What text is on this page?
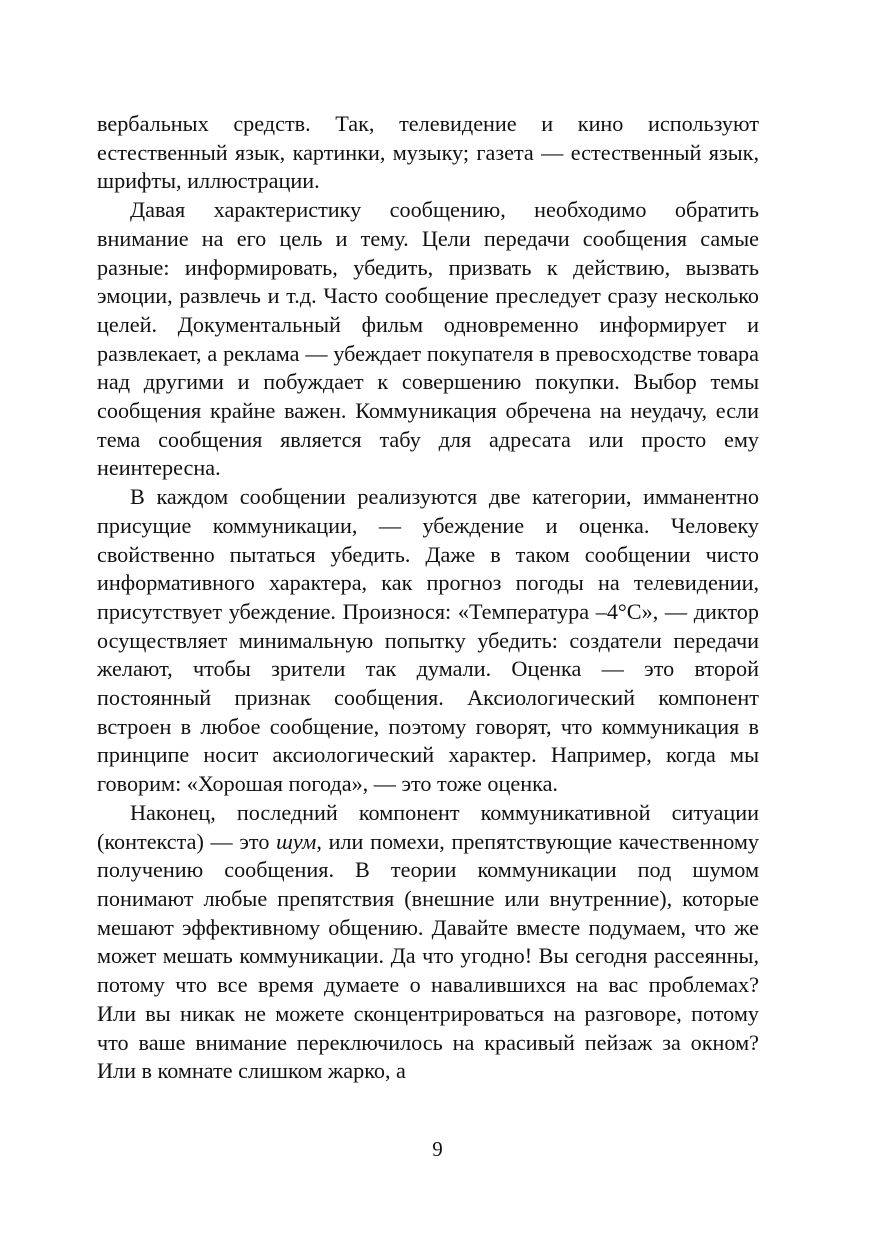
вербальных средств. Так, телевидение и кино используют естественный язык, картинки, музыку; газета — естественный язык, шрифты, иллюстрации.

Давая характеристику сообщению, необходимо обратить внимание на его цель и тему. Цели передачи сообщения самые разные: информировать, убедить, призвать к действию, вызвать эмоции, развлечь и т.д. Часто сообщение преследует сразу несколько целей. Документальный фильм одновременно информирует и развлекает, а реклама — убеждает покупателя в превосходстве товара над другими и побуждает к совершению покупки. Выбор темы сообщения крайне важен. Коммуникация обречена на неудачу, если тема сообщения является табу для адресата или просто ему неинтересна.

В каждом сообщении реализуются две категории, имманентно присущие коммуникации, — убеждение и оценка. Человеку свойственно пытаться убедить. Даже в таком сообщении чисто информативного характера, как прогноз погоды на телевидении, присутствует убеждение. Произнося: «Температура –4°С», — диктор осуществляет минимальную попытку убедить: создатели передачи желают, чтобы зрители так думали. Оценка — это второй постоянный признак сообщения. Аксиологический компонент встроен в любое сообщение, поэтому говорят, что коммуникация в принципе носит аксиологический характер. Например, когда мы говорим: «Хорошая погода», — это тоже оценка.

Наконец, последний компонент коммуникативной ситуации (контекста) — это шум, или помехи, препятствующие качественному получению сообщения. В теории коммуникации под шумом понимают любые препятствия (внешние или внутренние), которые мешают эффективному общению. Давайте вместе подумаем, что же может мешать коммуникации. Да что угодно! Вы сегодня рассеянны, потому что все время думаете о навалившихся на вас проблемах? Или вы никак не можете сконцентрироваться на разговоре, потому что ваше внимание переключилось на красивый пейзаж за окном? Или в комнате слишком жарко, а

9
